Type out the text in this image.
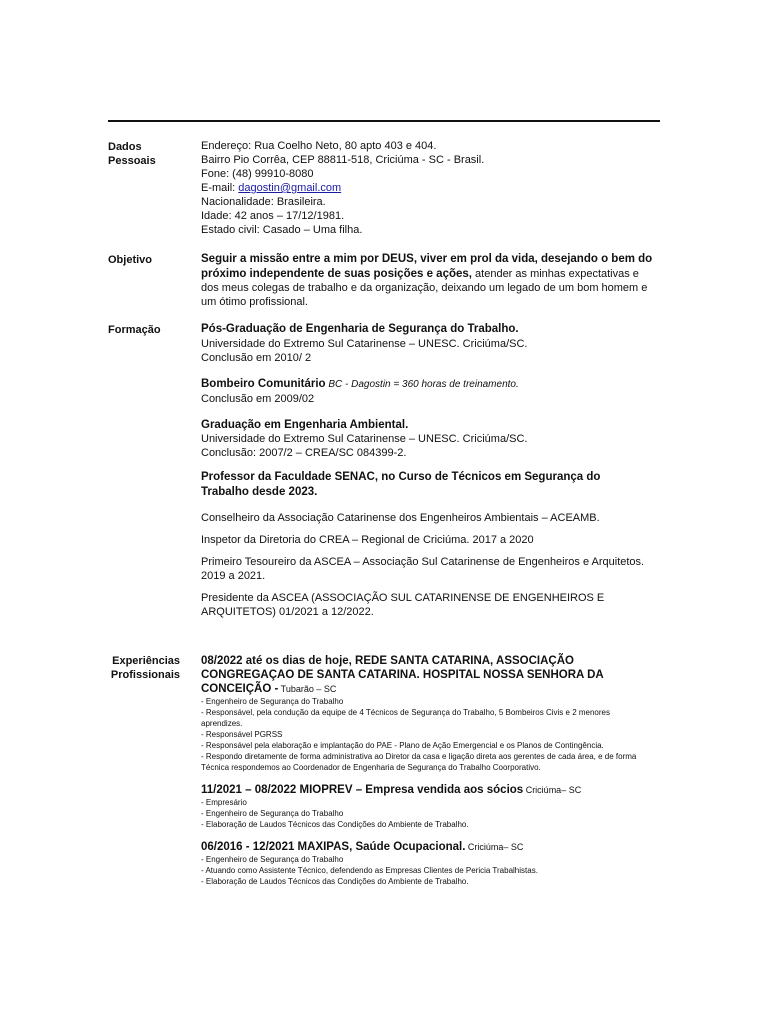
Dados
Pessoais
Objetivo
Formação
Experiências
Profissionais
Endereço: Rua Coelho Neto, 80 apto 403 e 404.
Bairro Pio Corrêa, CEP 88811-518, Criciúma - SC - Brasil.
Fone: (48) 99910-8080
E-mail: dagostin@gmail.com
Nacionalidade: Brasileira.
Idade: 42 anos – 17/12/1981.
Estado civil: Casado – Uma filha.
Seguir a missão entre a mim por DEUS, viver em prol da vida, desejando o bem do próximo independente de suas posições e ações, atender as minhas expectativas e dos meus colegas de trabalho e da organização, deixando um legado de um bom homem e um ótimo profissional.
Pós-Graduação de Engenharia de Segurança do Trabalho.
Universidade do Extremo Sul Catarinense – UNESC. Criciúma/SC.
Conclusão em 2010/ 2
Bombeiro Comunitário BC - Dagostin = 360 horas de treinamento.
Conclusão em 2009/02
Graduação em Engenharia Ambiental.
Universidade do Extremo Sul Catarinense – UNESC. Criciúma/SC.
Conclusão: 2007/2 – CREA/SC 084399-2.
Professor da Faculdade SENAC, no Curso de Técnicos em Segurança do Trabalho desde 2023.
Conselheiro da Associação Catarinense dos Engenheiros Ambientais – ACEAMB.
Inspetor da Diretoria do CREA – Regional de Criciúma. 2017 a 2020
Primeiro Tesoureiro da ASCEA – Associação Sul Catarinense de Engenheiros e Arquitetos. 2019 a 2021.
Presidente da ASCEA (ASSOCIAÇÃO SUL CATARINENSE DE ENGENHEIROS E ARQUITETOS) 01/2021 a 12/2022.
08/2022 até os dias de hoje, REDE SANTA CATARINA, ASSOCIAÇÃO CONGREGAÇAO DE SANTA CATARINA. HOSPITAL NOSSA SENHORA DA CONCEIÇÃO - Tubarão – SC
- Engenheiro de Segurança do Trabalho
- Responsável, pela condução da equipe de 4 Técnicos de Segurança do Trabalho, 5 Bombeiros Civis e 2 menores aprendizes.
- Responsável PGRSS
- Responsável pela elaboração e implantação do PAE - Plano de Ação Emergencial e os Planos de Contingência.
- Respondo diretamente de forma administrativa ao Diretor da casa e ligação direta aos gerentes de cada área, e de forma Técnica respondemos ao Coordenador de Engenharia de Segurança do Trabalho Coorporativo.
11/2021 – 08/2022 MIOPREV – Empresa vendida aos sócios Criciúma– SC
- Empresário
- Engenheiro de Segurança do Trabalho
- Elaboração de Laudos Técnicos das Condições do Ambiente de Trabalho.
06/2016 - 12/2021 MAXIPAS, Saúde Ocupacional. Criciúma– SC
- Engenheiro de Segurança do Trabalho
- Atuando como Assistente Técnico, defendendo as Empresas Clientes de Pericia Trabalhistas.
- Elaboração de Laudos Técnicos das Condições do Ambiente de Trabalho.
